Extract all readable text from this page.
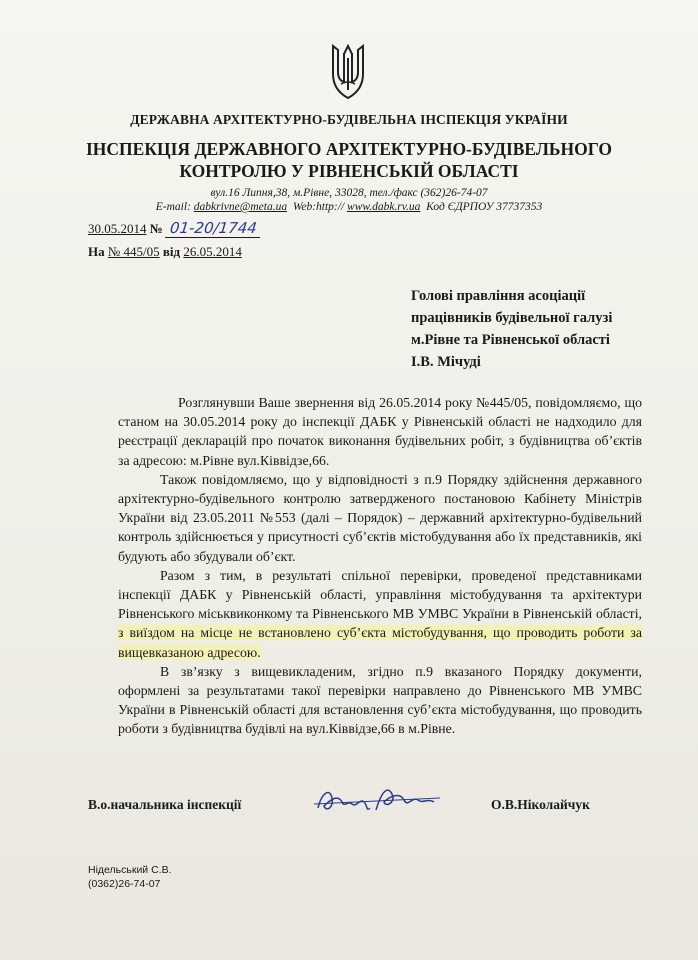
ДЕРЖАВНА АРХІТЕКТУРНО-БУДІВЕЛЬНА ІНСПЕКЦІЯ УКРАЇНИ
ІНСПЕКЦІЯ ДЕРЖАВНОГО АРХІТЕКТУРНО-БУДІВЕЛЬНОГО
КОНТРОЛЮ У РІВНЕНСЬКІЙ ОБЛАСТІ
вул.16 Липня,38, м.Рівне, 33028, тел./факс (362)26-74-07
E-mail: dabkrivne@meta.ua Web:http:// www.dabk.rv.ua Код ЄДРПОУ 37737353
30.05.2014 № 01-20/1744
На № 445/05 від 26.05.2014
Голові правління асоціації
працівників будівельної галузі
м.Рівне та Рівненської області
І.В. Мічуді

Розглянувши Ваше звернення від 26.05.2014 року №445/05, повідомляємо, що станом на 30.05.2014 року до інспекції ДАБК у Рівненській області не надходило для реєстрації декларацій про початок виконання будівельних робіт, з будівництва об’єктів за адресою: м.Рівне вул.Ківвідзе,66.

Також повідомляємо, що у відповідності з п.9 Порядку здійснення державного архітектурно-будівельного контролю затвердженого постановою Кабінету Міністрів України від 23.05.2011 №553 (далі – Порядок) – державний архітектурно-будівельний контроль здійснюється у присутності суб’єктів містобудування або їх представників, які будують або збудували об’єкт.

Разом з тим, в результаті спільної перевірки, проведеної представниками інспекції ДАБК у Рівненській області, управління містобудування та архітектури Рівненського міськвиконкому та Рівненського МВ УМВС України в Рівненській області, з виїздом на місце не встановлено суб’єкта містобудування, що проводить роботи за вищевказаною адресою.

В зв’язку з вищевикладеним, згідно п.9 вказаного Порядку документи, оформлені за результатами такої перевірки направлено до Рівненського МВ УМВС України в Рівненській області для встановлення суб’єкта містобудування, що проводить роботи з будівництва будівлі на вул.Ківвідзе,66 в м.Рівне.

В.о.начальника інспекції	О.В.Ніколайчук
Нідельський С.В.
(0362)26-74-07
